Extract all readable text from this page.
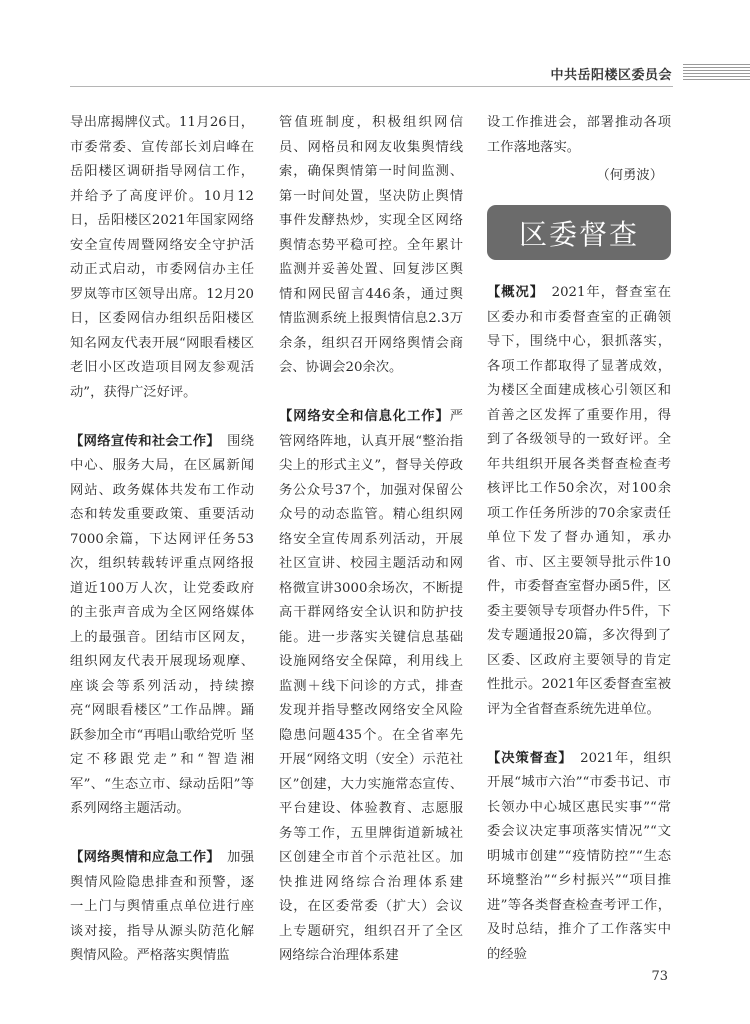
中共岳阳楼区委员会

导出席揭牌仪式。11月26日，市委常委、宣传部长刘启峰在岳阳楼区调研指导网信工作，并给予了高度评价。10月12日，岳阳楼区2021年国家网络安全宣传周暨网络安全守护活动正式启动，市委网信办主任罗岚等市区领导出席。12月20日，区委网信办组织岳阳楼区知名网友代表开展“网眼看楼区老旧小区改造项目网友参观活动”，获得广泛好评。

【网络宣传和社会工作】　 围绕中心、服务大局，在区属新闻网站、政务媒体共发布工作动态和转发重要政策、重要活动7000余篇，下达网评任务53次，组织转载转评重点网络报道近100万人次，让党委政府的主张声音成为全区网络媒体上的最强音。团结市区网友，组织网友代表开展现场观摩、座谈会等系列活动，持续擦亮“网眼看楼区”工作品牌。踊跃参加全市“再唱山歌给党听 坚定不移跟党走”和“智造湘军”、“生态立市、绿动岳阳”等系列网络主题活动。

【网络舆情和应急工作】　 加强舆情风险隐患排查和预警，逐一上门与舆情重点单位进行座谈对接，指导从源头防范化解舆情风险。严格落实舆情监

管值班制度，积极组织网信员、网格员和网友收集舆情线索，确保舆情第一时间监测、第一时间处置，坚决防止舆情事件发酵热炒，实现全区网络舆情态势平稳可控。全年累计监测并妥善处置、回复涉区舆情和网民留言446条，通过舆情监测系统上报舆情信息2.3万余条，组织召开网络舆情会商会、协调会20余次。

【网络安全和信息化工作】严管网络阵地，认真开展“整治指尖上的形式主义”，督导关停政务公众号37个，加强对保留公众号的动态监管。精心组织网络安全宣传周系列活动，开展社区宣讲、校园主题活动和网格微宣讲3000余场次，不断提高干群网络安全认识和防护技能。进一步落实关键信息基础设施网络安全保障，利用线上监测＋线下问诊的方式，排查发现并指导整改网络安全风险隐患问题435个。在全省率先开展“网络文明（安全）示范社区”创建，大力实施常态宣传、平台建设、体验教育、志愿服务等工作，五里牌街道新城社区创建全市首个示范社区。加快推进网络综合治理体系建设，在区委常委（扩大）会议上专题研究，组织召开了全区网络综合治理体系建

设工作推进会，部署推动各项工作落地落实。

（何勇波）
区委督查

【概况】　 2021年，督查室在区委办和市委督查室的正确领导下，围绕中心，狠抓落实，各项工作都取得了显著成效，为楼区全面建成核心引领区和首善之区发挥了重要作用，得到了各级领导的一致好评。全年共组织开展各类督查检查考核评比工作50余次，对100余项工作任务所涉的70余家责任单位下发了督办通知，承办省、市、区主要领导批示件10件，市委督查室督办函5件，区委主要领导专项督办件5件，下发专题通报20篇，多次得到了区委、区政府主要领导的肯定性批示。2021年区委督查室被评为全省督查系统先进单位。

【决策督查】　 2021年，组织开展“城市六治”“市委书记、市长领办中心城区惠民实事”“常委会议决定事项落实情况”“文明城市创建”“疫情防控”“生态环境整治”“乡村振兴”“项目推进”等各类督查检查考评工作，及时总结，推介了工作落实中的经验

73
